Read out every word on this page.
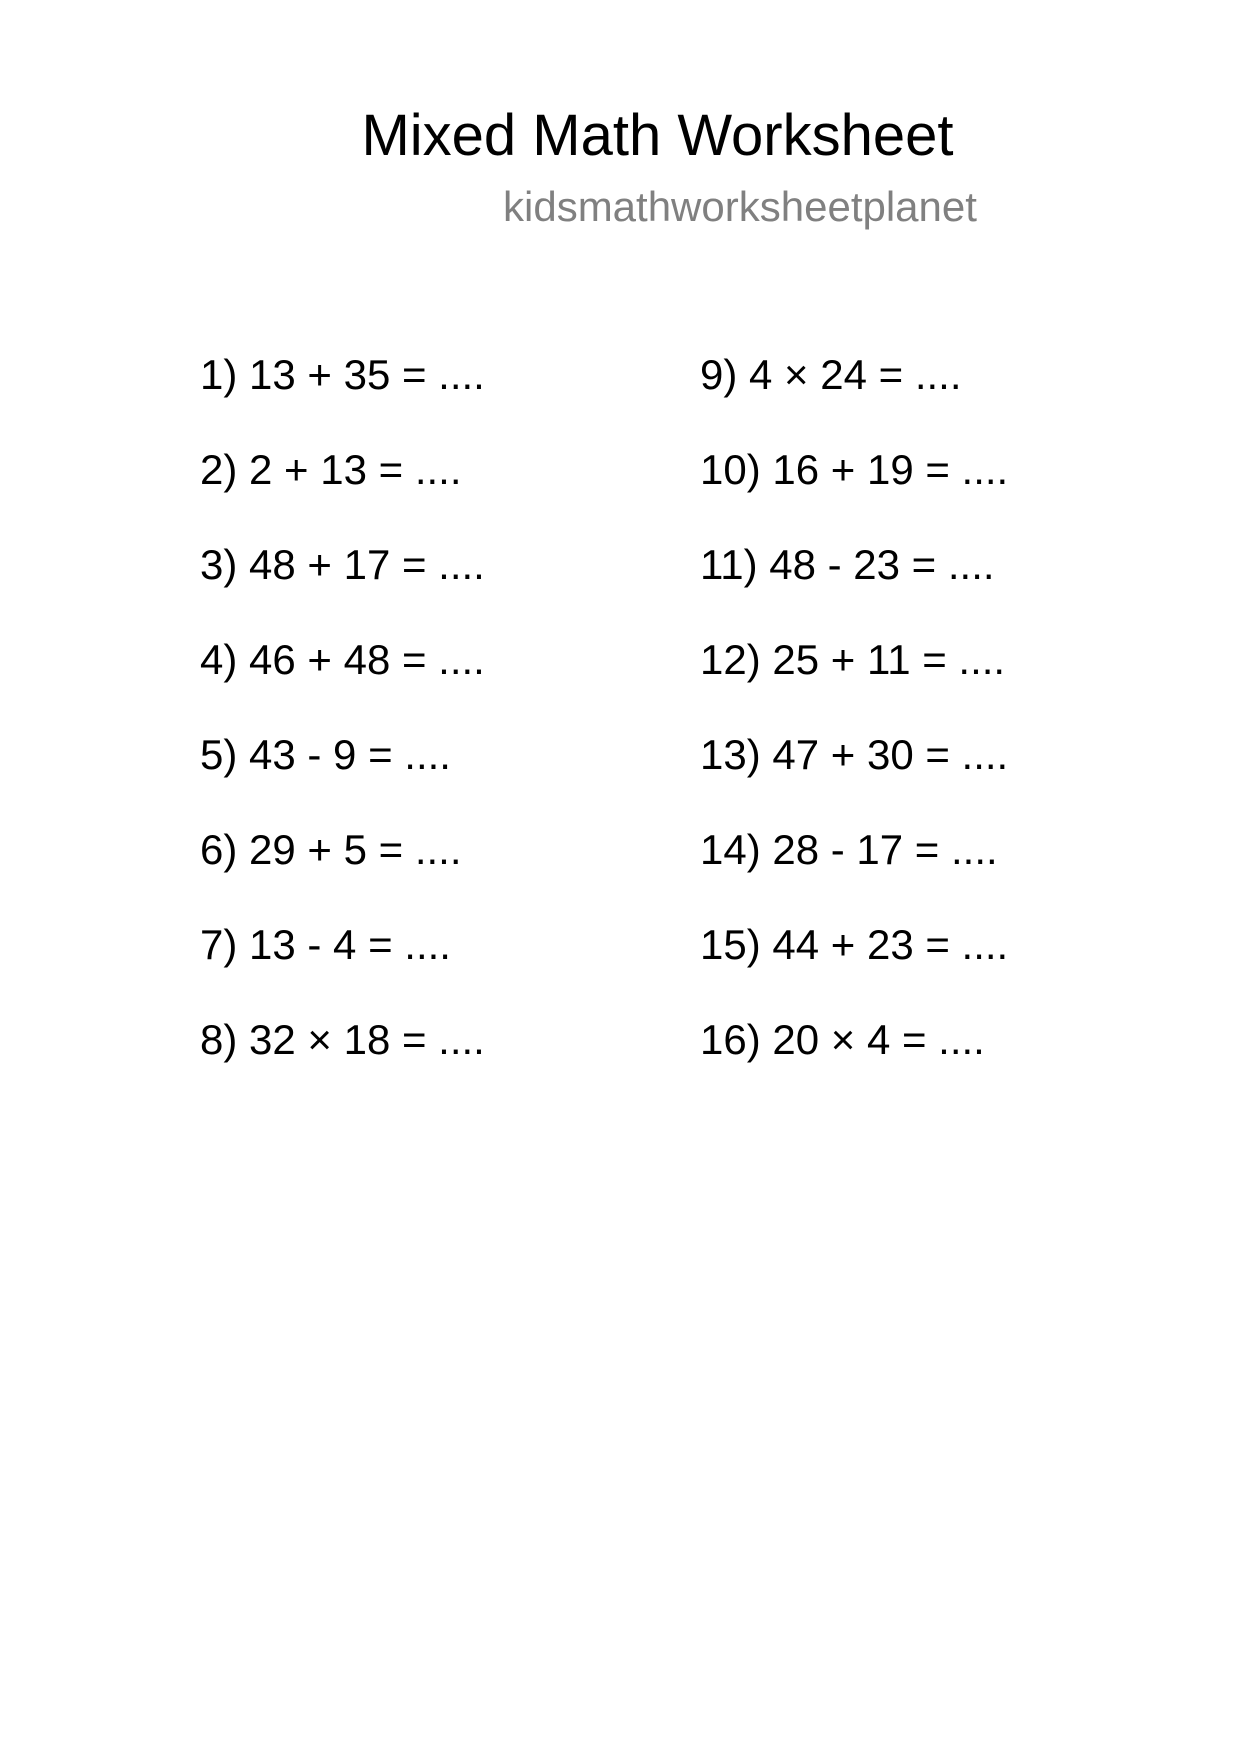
Mixed Math Worksheet
kidsmathworksheetplanet
1) 13 + 35 = ....
2) 2 + 13 = ....
3) 48 + 17 = ....
4) 46 + 48 = ....
5) 43 - 9 = ....
6) 29 + 5 = ....
7) 13 - 4 = ....
8) 32 × 18 = ....
9) 4 × 24 = ....
10) 16 + 19 = ....
11) 48 - 23 = ....
12) 25 + 11 = ....
13) 47 + 30 = ....
14) 28 - 17 = ....
15) 44 + 23 = ....
16) 20 × 4 = ....
